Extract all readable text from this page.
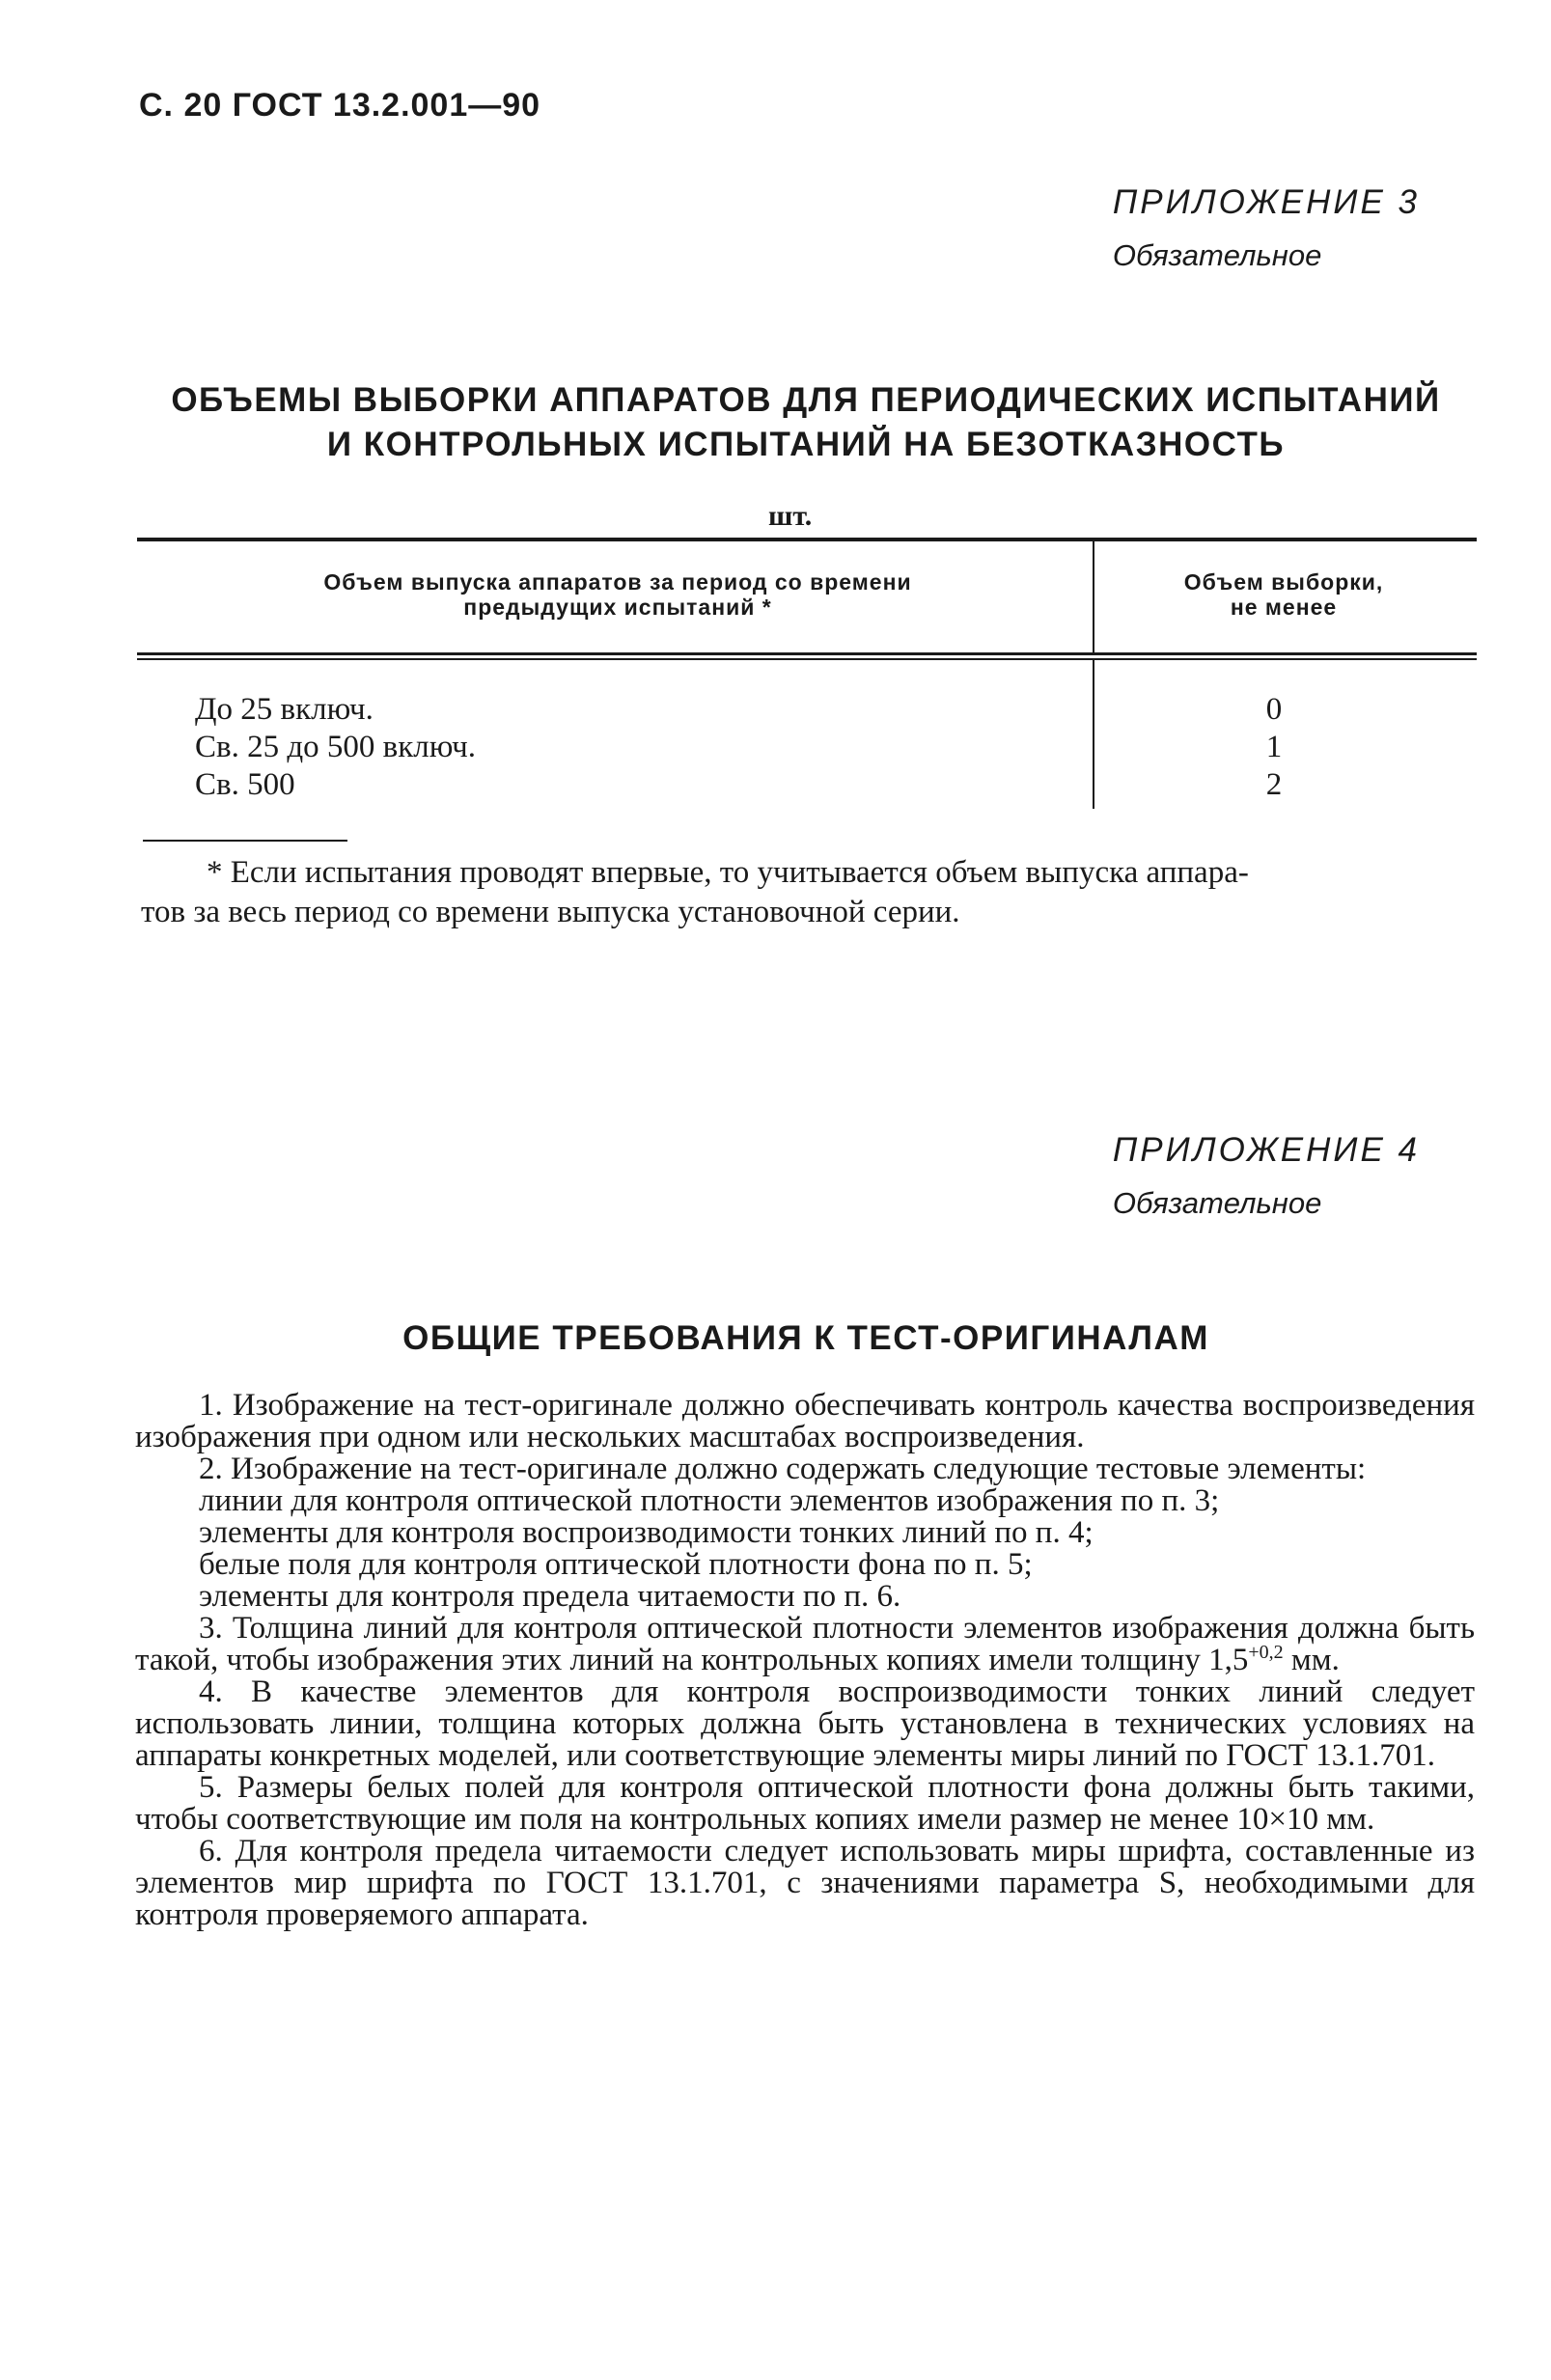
С. 20 ГОСТ 13.2.001—90
ПРИЛОЖЕНИЕ 3
Обязательное
ОБЪЕМЫ ВЫБОРКИ АППАРАТОВ ДЛЯ ПЕРИОДИЧЕСКИХ ИСПЫТАНИЙ
И КОНТРОЛЬНЫХ ИСПЫТАНИЙ НА БЕЗОТКАЗНОСТЬ
шт.
Объем выпуска аппаратов за период со времени
предыдущих испытаний *
Объем выборки,
не менее
До 25 включ.	0
Св. 25 до 500 включ.	1
Св. 500	2
* Если испытания проводят впервые, то учитывается объем выпуска аппара-
тов за весь период со времени выпуска установочной серии.
ПРИЛОЖЕНИЕ 4
Обязательное
ОБЩИЕ ТРЕБОВАНИЯ К ТЕСТ-ОРИГИНАЛАМ

1. Изображение на тест-оригинале должно обеспечивать контроль качества воспроизведения изображения при одном или нескольких масштабах воспроизведения.

2. Изображение на тест-оригинале должно содержать следующие тестовые элементы:

линии для контроля оптической плотности элементов изображения по п. 3;

элементы для контроля воспроизводимости тонких линий по п. 4;

белые поля для контроля оптической плотности фона по п. 5;

элементы для контроля предела читаемости по п. 6.

3. Толщина линий для контроля оптической плотности элементов изображения должна быть такой, чтобы изображения этих линий на контрольных копиях имели толщину $1,5^{+0,2}$ мм.

4. В качестве элементов для контроля воспроизводимости тонких линий следует использовать линии, толщина которых должна быть установлена в технических условиях на аппараты конкретных моделей, или соответствующие элементы миры линий по ГОСТ 13.1.701.

5. Размеры белых полей для контроля оптической плотности фона должны быть такими, чтобы соответствующие им поля на контрольных копиях имели размер не менее 10×10 мм.

6. Для контроля предела читаемости следует использовать миры шрифта, составленные из элементов мир шрифта по ГОСТ 13.1.701, с значениями параметра S, необходимыми для контроля проверяемого аппарата.
